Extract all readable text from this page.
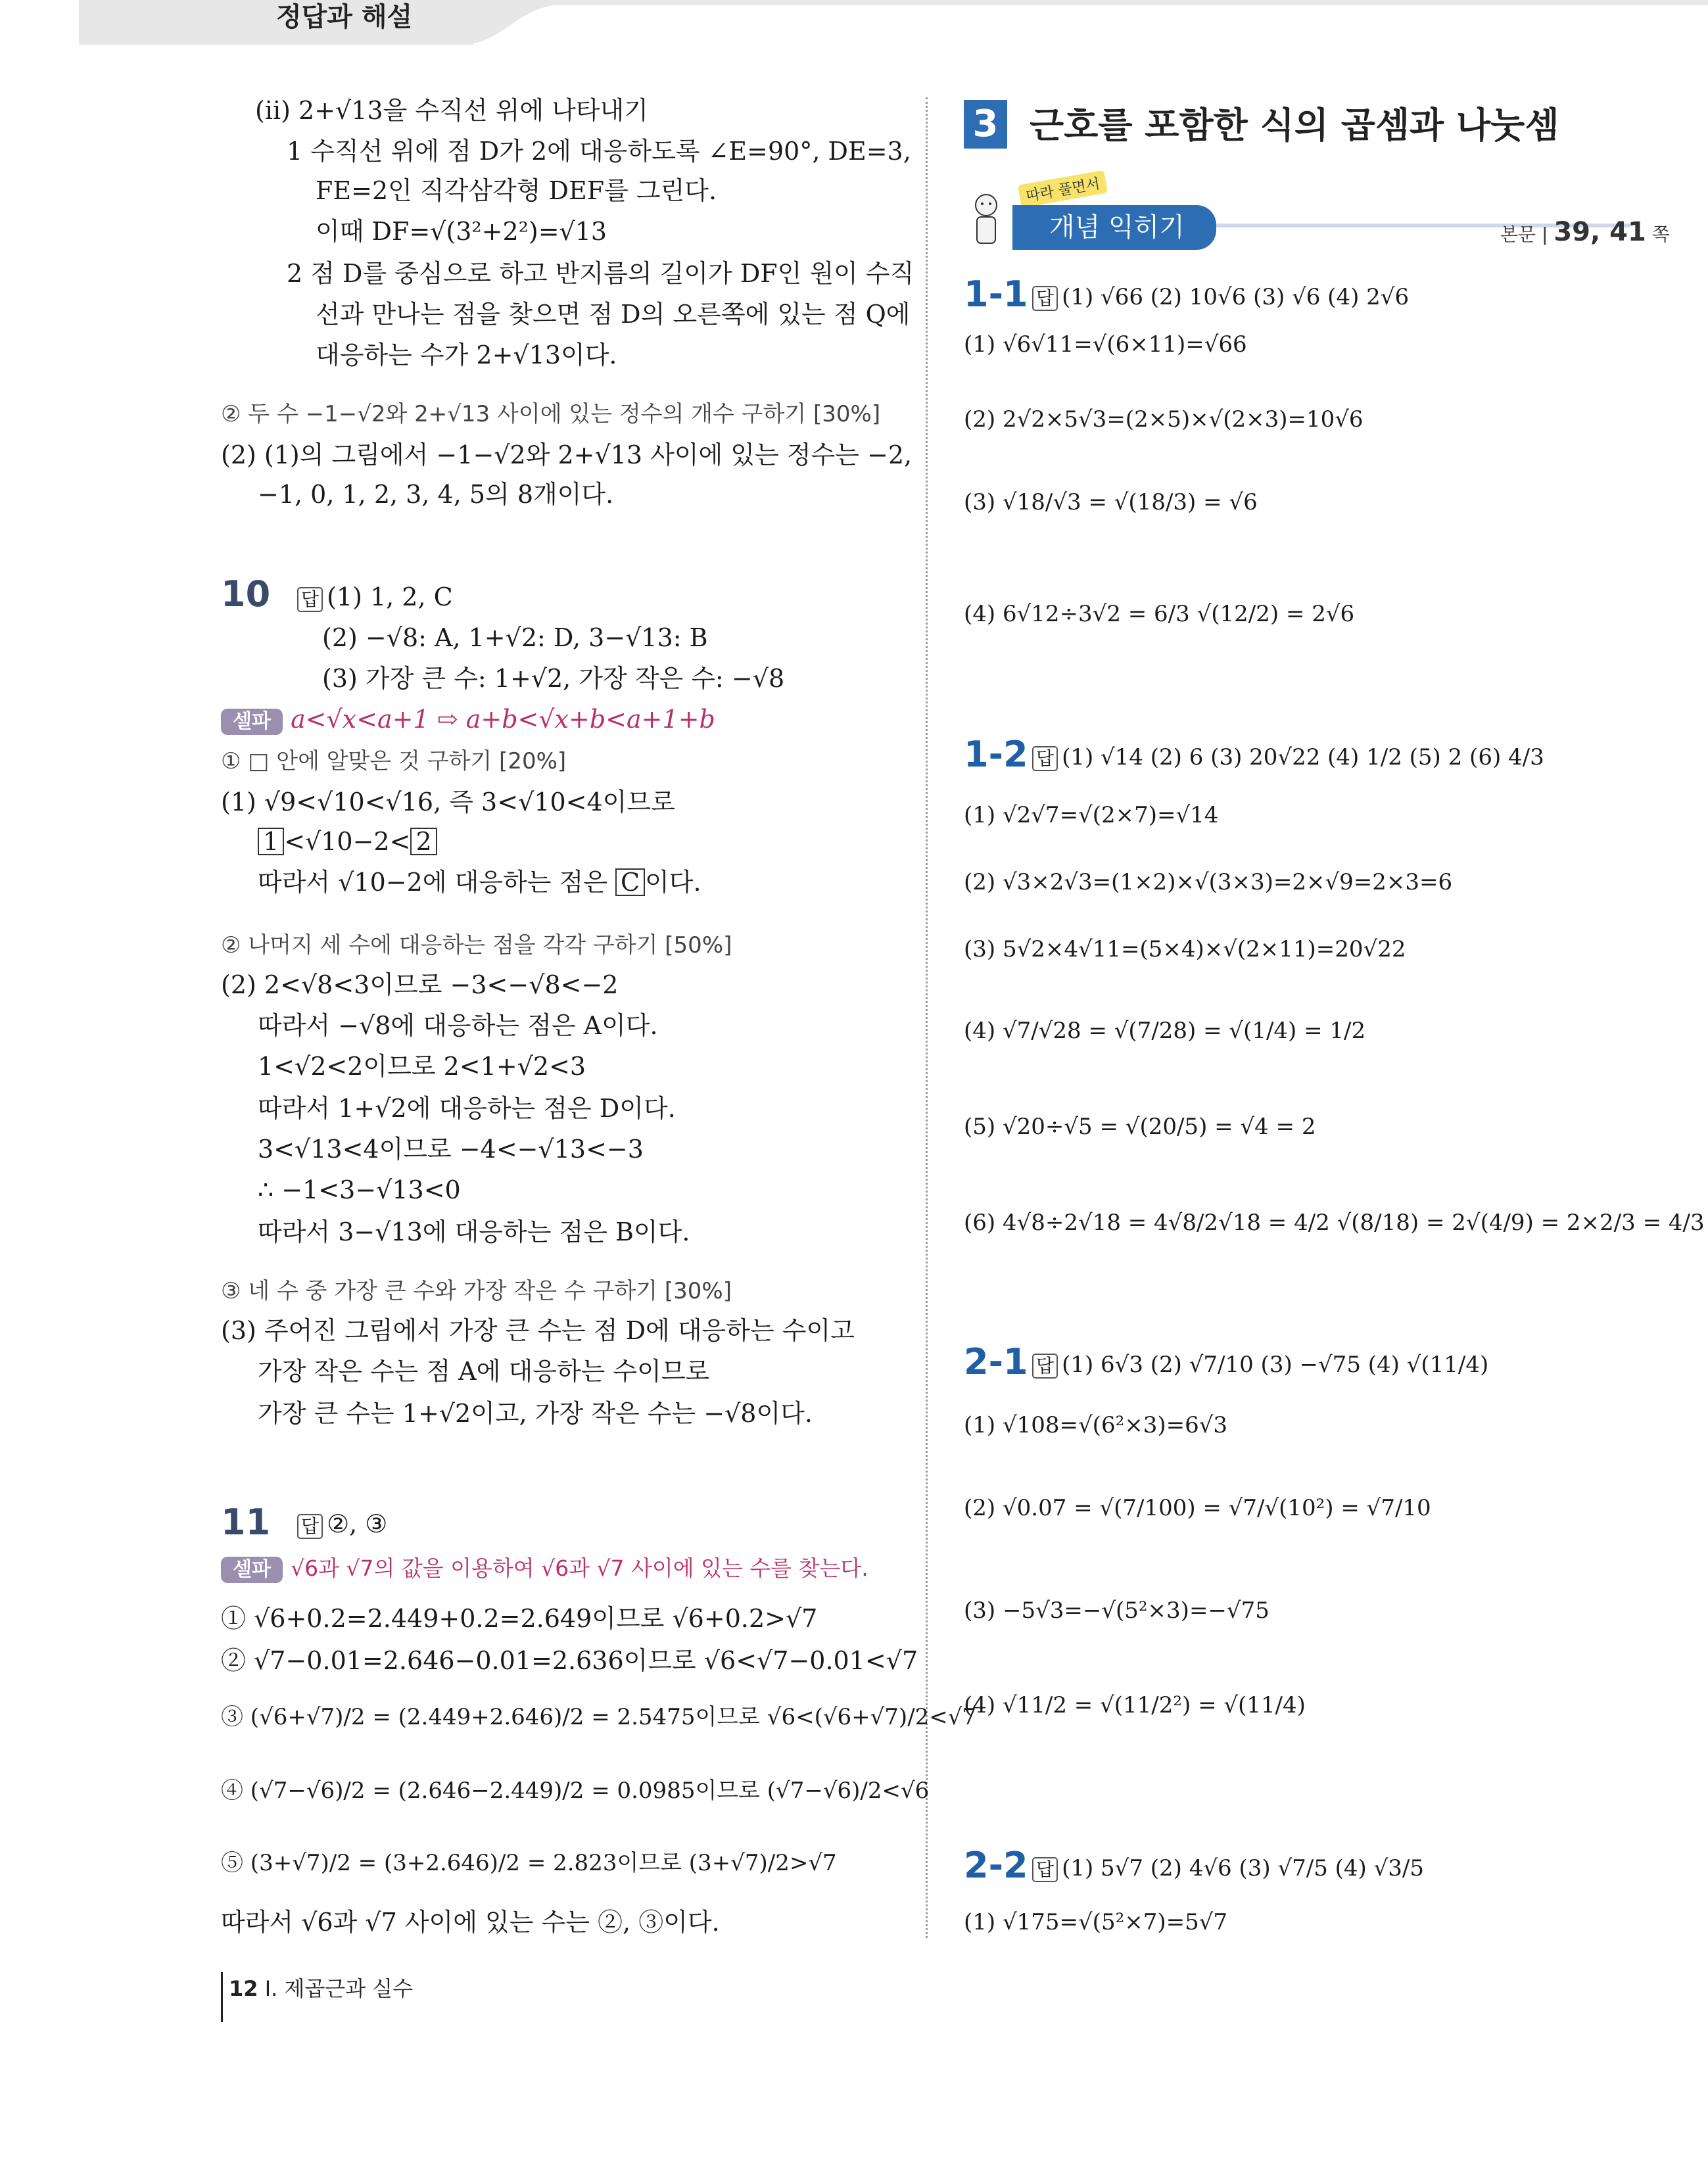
정답과 해설
(ii) 2+√13을 수직선 위에 나타내기
1 수직선 위에 점 D가 2에 대응하도록 ∠E=90°, DE=3,
FE=2인 직각삼각형 DEF를 그린다.
이때 DF=√(3²+2²)=√13
2 점 D를 중심으로 하고 반지름의 길이가 DF인 원이 수직
선과 만나는 점을 찾으면 점 D의 오른쪽에 있는 점 Q에
대응하는 수가 2+√13이다.
② 두 수 −1−√2와 2+√13 사이에 있는 정수의 개수 구하기 [30%]
(2) (1)의 그림에서 −1−√2와 2+√13 사이에 있는 정수는 −2,
−1, 0, 1, 2, 3, 4, 5의 8개이다.
10 답 (1) 1, 2, C
(2) −√8: A, 1+√2: D, 3−√13: B
(3) 가장 큰 수: 1+√2, 가장 작은 수: −√8
셀파 a<√x<a+1 ⇨ a+b<√x+b<a+1+b
① □ 안에 알맞은 것 구하기 [20%]
(1) √9<√10<√16, 즉 3<√10<4이므로
1 <√10−2< 2
따라서 √10−2에 대응하는 점은 C 이다.
② 나머지 세 수에 대응하는 점을 각각 구하기 [50%]
(2) 2<√8<3이므로 −3<−√8<−2
따라서 −√8에 대응하는 점은 A이다.
1<√2<2이므로 2<1+√2<3
따라서 1+√2에 대응하는 점은 D이다.
3<√13<4이므로 −4<−√13<−3
∴ −1<3−√13<0
따라서 3−√13에 대응하는 점은 B이다.
③ 네 수 중 가장 큰 수와 가장 작은 수 구하기 [30%]
(3) 주어진 그림에서 가장 큰 수는 점 D에 대응하는 수이고
가장 작은 수는 점 A에 대응하는 수이므로
가장 큰 수는 1+√2이고, 가장 작은 수는 −√8이다.
11 답 ②, ③
셀파 √6과 √7의 값을 이용하여 √6과 √7 사이에 있는 수를 찾는다.
① √6+0.2=2.449+0.2=2.649이므로 √6+0.2>√7
② √7−0.01=2.646−0.01=2.636이므로 √6<√7−0.01<√7
③ (√6+√7)/2 = (2.449+2.646)/2 = 2.5475이므로 √6<(√6+√7)/2<√7
④ (√7−√6)/2 = (2.646−2.449)/2 = 0.0985이므로 (√7−√6)/2<√6
⑤ (3+√7)/2 = (3+2.646)/2 = 2.823이므로 (3+√7)/2>√7
따라서 √6과 √7 사이에 있는 수는 ②, ③이다.
12 I. 제곱근과 실수
3 근호를 포함한 식의 곱셈과 나눗셈
따라 풀면서
개념 익히기	본문 | 39, 41 쪽
1-1 답 (1) √66 (2) 10√6 (3) √6 (4) 2√6
(1) √6√11=√(6×11)=√66
(2) 2√2×5√3=(2×5)×√(2×3)=10√6
(3) √18/√3 = √(18/3) = √6
(4) 6√12÷3√2 = 6/3 √(12/2) = 2√6
1-2 답 (1) √14 (2) 6 (3) 20√22 (4) 1/2 (5) 2 (6) 4/3
(1) √2√7=√(2×7)=√14
(2) √3×2√3=(1×2)×√(3×3)=2×√9=2×3=6
(3) 5√2×4√11=(5×4)×√(2×11)=20√22
(4) √7/√28 = √(7/28) = √(1/4) = 1/2
(5) √20÷√5 = √(20/5) = √4 = 2
(6) 4√8÷2√18 = 4√8/2√18 = 4/2 √(8/18) = 2√(4/9) = 2×2/3 = 4/3
2-1 답 (1) 6√3 (2) √7/10 (3) −√75 (4) √(11/4)
(1) √108=√(6²×3)=6√3
(2) √0.07 = √(7/100) = √7/√(10²) = √7/10
(3) −5√3=−√(5²×3)=−√75
(4) √11/2 = √(11/2²) = √(11/4)
2-2 답 (1) 5√7 (2) 4√6 (3) √7/5 (4) √3/5
(1) √175=√(5²×7)=5√7
